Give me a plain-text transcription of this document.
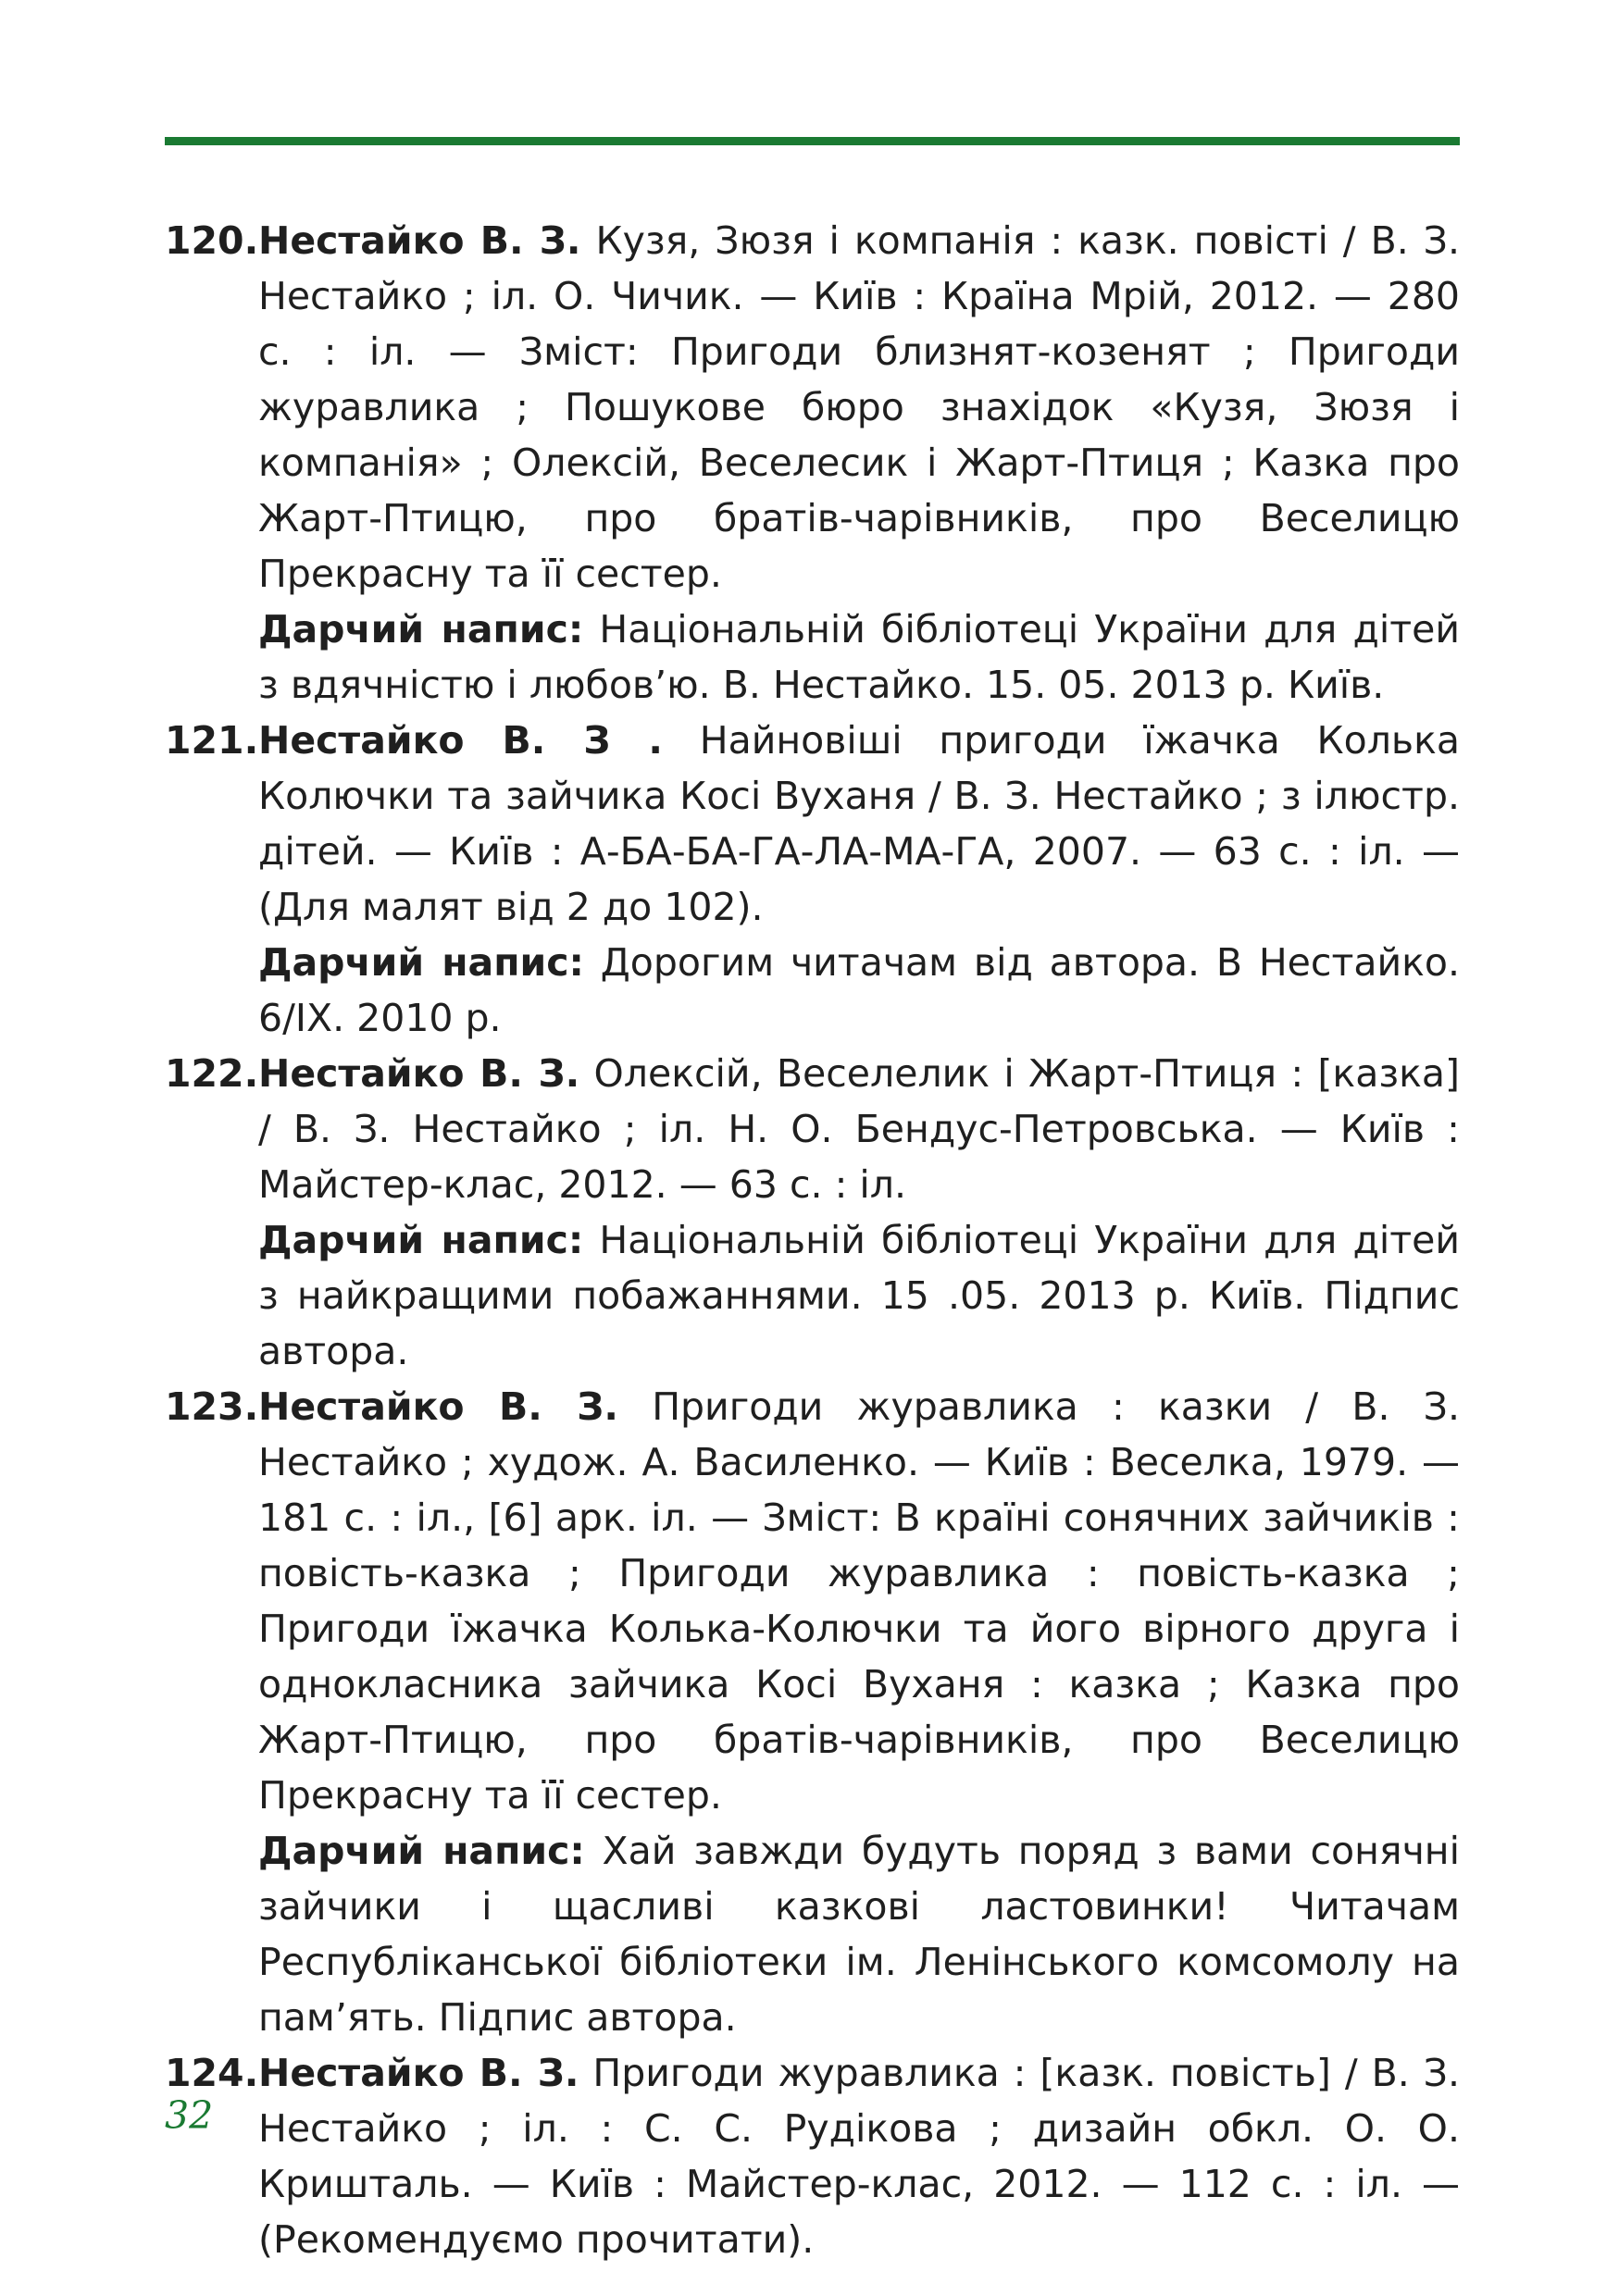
120. Нестайко В. З. Кузя, Зюзя і компанія : казк. повісті / В. З. Нестайко ; іл. О. Чичик. — Київ : Країна Мрій, 2012. — 280 с. : іл. — Зміст: Пригоди близнят-козенят ; Пригоди журавлика ; Пошукове бюро знахідок «Кузя, Зюзя і компанія» ; Олексій, Веселесик і Жарт-Птиця ; Казка про Жарт-Птицю, про братів-чарівників, про Веселицю Прекрасну та її сестер.

Дарчий напис: Національній бібліотеці України для дітей з вдячністю і любов’ю. В. Нестайко. 15. 05. 2013 р. Київ.

121. Нестайко В. З . Найновіші пригоди їжачка Колька Колючки та зайчика Косі Вуханя / В. З. Нестайко ; з ілюстр. дітей. — Київ : А-БА-БА-ГА-ЛА-МА-ГА, 2007. — 63 с. : іл. — (Для малят від 2 до 102).

Дарчий напис: Дорогим читачам від автора. В Нестайко. 6/IX. 2010 р.

122. Нестайко В. З. Олексій, Веселелик і Жарт-Птиця : [казка] / В. З. Нестайко ; іл. Н. О. Бендус-Петровська. — Київ : Майстер-клас, 2012. — 63 с. : іл.

Дарчий напис: Національній бібліотеці України для дітей з найкращими побажаннями. 15 .05. 2013 р. Київ. Підпис автора.

123. Нестайко В. З. Пригоди журавлика : казки / В. З. Нестайко ; худож. А. Василенко. — Київ : Веселка, 1979. — 181 с. : іл., [6] арк. іл. — Зміст: В країні сонячних зайчиків : повість-казка ; Пригоди журавлика : повість-казка ; Пригоди їжачка Колька-Колючки та його вірного друга і однокласника зайчика Косі Вуханя : казка ; Казка про Жарт-Птицю, про братів-чарівників, про Веселицю Прекрасну та її сестер.

Дарчий напис: Хай завжди будуть поряд з вами сонячні зайчики і щасливі казкові ластовинки! Читачам Республіканської бібліотеки ім. Ленінського комсомолу на пам’ять. Підпис автора.

124. Нестайко В. З. Пригоди журавлика : [казк. повість] / В. З. Нестайко ; іл. : С. С. Рудікова ; дизайн обкл. О. О. Кришталь. — Київ : Майстер-клас, 2012. — 112 с. : іл. — (Рекомендуємо прочитати).

32
